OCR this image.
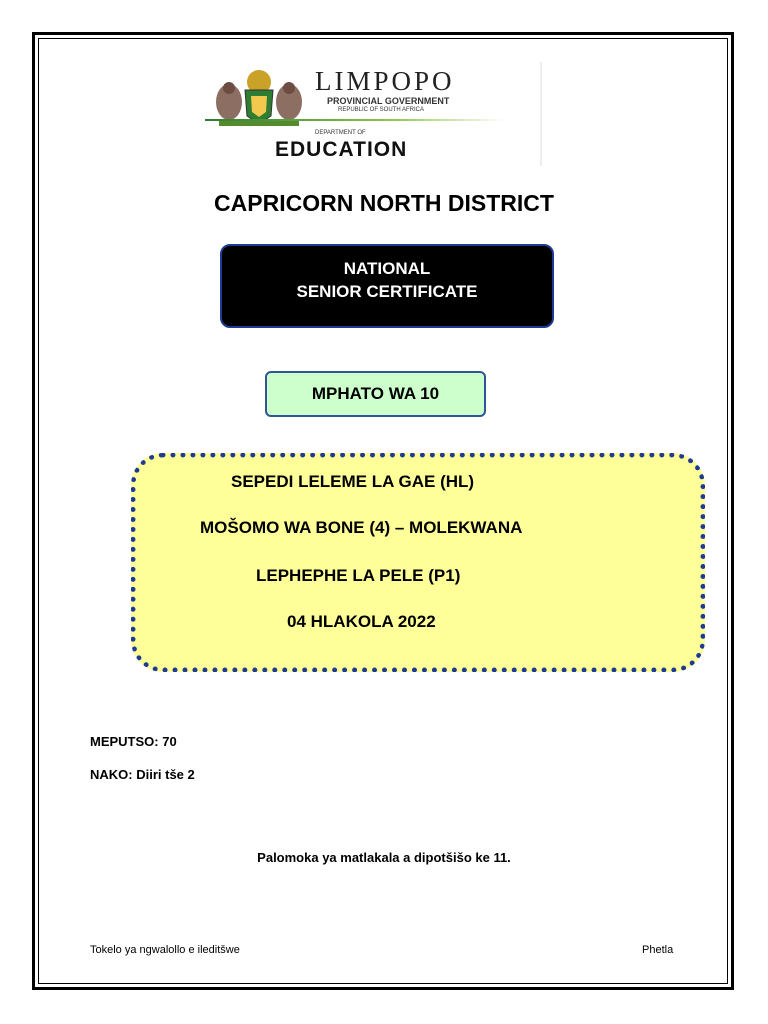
LIMPOPO
PROVINCIAL GOVERNMENT
REPUBLIC OF SOUTH AFRICA
DEPARTMENT OF
EDUCATION
CAPRICORN NORTH DISTRICT
NATIONAL
SENIOR CERTIFICATE
MPHATO WA 10
SEPEDI LELEME LA GAE (HL)
MOŠOMO WA BONE (4) – MOLEKWANA
LEPHEPHE LA PELE (P1)
04 HLAKOLA 2022
MEPUTSO: 70
NAKO: Diiri tše 2
Palomoka ya matlakala a dipotšišo ke 11.
Tokelo ya ngwalollo e ileditšwe	Phetla
